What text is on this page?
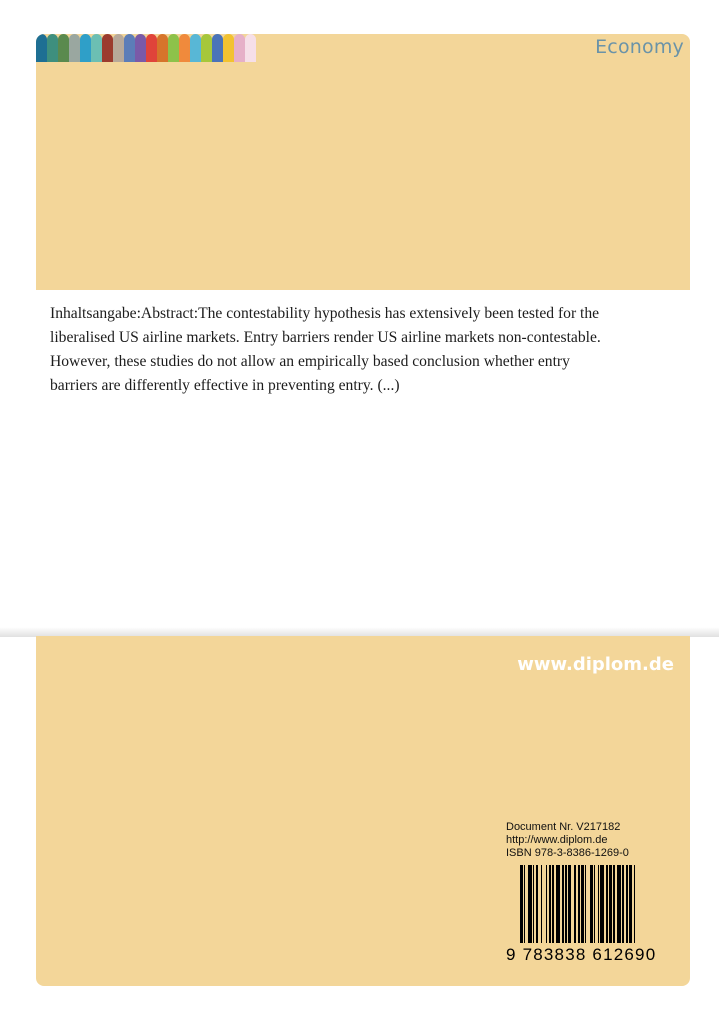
Economy

Inhaltsangabe:Abstract:The contestability hypothesis has extensively been tested for the liberalised US airline markets. Entry barriers render US airline markets non-contestable. However, these studies do not allow an empirically based conclusion whether entry barriers are differently effective in preventing entry. (...)

www.diplom.de
Document Nr. V217182
http://www.diplom.de
ISBN 978-3-8386-1269-0
9 783838 612690
